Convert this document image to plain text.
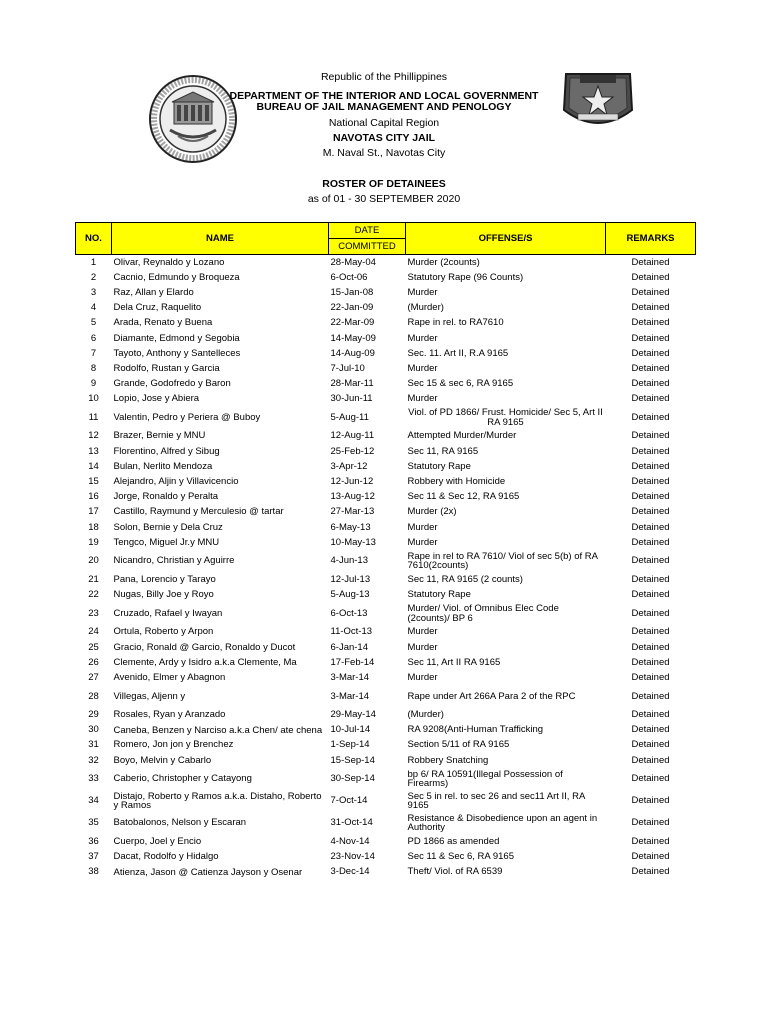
Republic of the Phillippines
DEPARTMENT OF THE INTERIOR AND LOCAL GOVERNMENT
BUREAU OF JAIL MANAGEMENT AND PENOLOGY
National Capital Region
NAVOTAS CITY JAIL
M. Naval St., Navotas City
ROSTER OF DETAINEES
as of 01 - 30 SEPTEMBER 2020
NO.	NAME	DATE	OFFENSE/S	REMARKS
		COMMITTED		
1	Olivar, Reynaldo y Lozano	28-May-04	Murder (2counts)	Detained
2	Cacnio, Edmundo y Broqueza	6-Oct-06	Statutory Rape (96 Counts)	Detained
3	Raz, Allan y Elardo	15-Jan-08	Murder	Detained
4	Dela Cruz, Raquelito	22-Jan-09	(Murder)	Detained
5	Arada, Renato y Buena	22-Mar-09	Rape in rel. to RA7610	Detained
6	Diamante, Edmond y Segobia	14-May-09	Murder	Detained
7	Tayoto, Anthony y Santelleces	14-Aug-09	Sec. 11. Art II, R.A 9165	Detained
8	Rodolfo, Rustan y Garcia	7-Jul-10	Murder	Detained
9	Grande, Godofredo y Baron	28-Mar-11	Sec 15 & sec 6, RA 9165	Detained
10	Lopio, Jose y Abiera	30-Jun-11	Murder	Detained
11	Valentin, Pedro y Periera @ Buboy	5-Aug-11	Viol. of PD 1866/ Frust. Homicide/ Sec 5, Art II RA 9165	Detained
12	Brazer, Bernie y MNU	12-Aug-11	Attempted Murder/Murder	Detained
13	Florentino, Alfred y Sibug	25-Feb-12	Sec 11, RA 9165	Detained
14	Bulan, Nerlito Mendoza	3-Apr-12	Statutory Rape	Detained
15	Alejandro, Aljin y Villavicencio	12-Jun-12	Robbery with Homicide	Detained
16	Jorge, Ronaldo y Peralta	13-Aug-12	Sec 11 & Sec 12, RA 9165	Detained
17	Castillo, Raymund y Merculesio @ tartar	27-Mar-13	Murder (2x)	Detained
18	Solon, Bernie y Dela Cruz	6-May-13	Murder	Detained
19	Tengco, Miguel Jr.y MNU	10-May-13	Murder	Detained
20	Nicandro, Christian y Aguirre	4-Jun-13	Rape in rel to RA 7610/ Viol of sec 5(b) of RA 7610(2counts)	Detained
21	Pana, Lorencio y Tarayo	12-Jul-13	Sec 11, RA 9165 (2 counts)	Detained
22	Nugas, Billy Joe y Royo	5-Aug-13	Statutory Rape	Detained
23	Cruzado, Rafael y Iwayan	6-Oct-13	Murder/ Viol. of Omnibus Elec Code (2counts)/ BP 6	Detained
24	Ortula, Roberto y Arpon	11-Oct-13	Murder	Detained
25	Gracio, Ronald @ Garcio, Ronaldo y Ducot	6-Jan-14	Murder	Detained
26	Clemente, Ardy y Isidro a.k.a Clemente, Ma	17-Feb-14	Sec 11, Art II RA 9165	Detained
27	Avenido, Elmer y Abagnon	3-Mar-14	Murder	Detained
28	Villegas, Aljenn y	3-Mar-14	Rape under Art 266A Para 2 of the RPC	Detained
29	Rosales, Ryan y Aranzado	29-May-14	(Murder)	Detained
30	Caneba, Benzen y Narciso a.k.a Chen/ ate chena	10-Jul-14	RA 9208(Anti-Human Trafficking	Detained
31	Romero, Jon jon y Brenchez	1-Sep-14	Section 5/11 of RA 9165	Detained
32	Boyo, Melvin y Cabarlo	15-Sep-14	Robbery Snatching	Detained
33	Caberio, Christopher y Catayong	30-Sep-14	bp 6/ RA 10591(Illegal Possession of Firearms)	Detained
34	Distajo, Roberto y Ramos a.k.a. Distaho, Roberto y Ramos	7-Oct-14	Sec 5 in rel. to sec 26 and sec11 Art II, RA 9165	Detained
35	Batobalonos, Nelson y Escaran	31-Oct-14	Resistance & Disobedience upon an agent in Authority	Detained
36	Cuerpo, Joel y Encio	4-Nov-14	PD 1866 as amended	Detained
37	Dacat, Rodolfo y Hidalgo	23-Nov-14	Sec 11 & Sec 6, RA 9165	Detained
38	Atienza, Jason @ Catienza Jayson y Osenar	3-Dec-14	Theft/ Viol. of RA 6539	Detained
